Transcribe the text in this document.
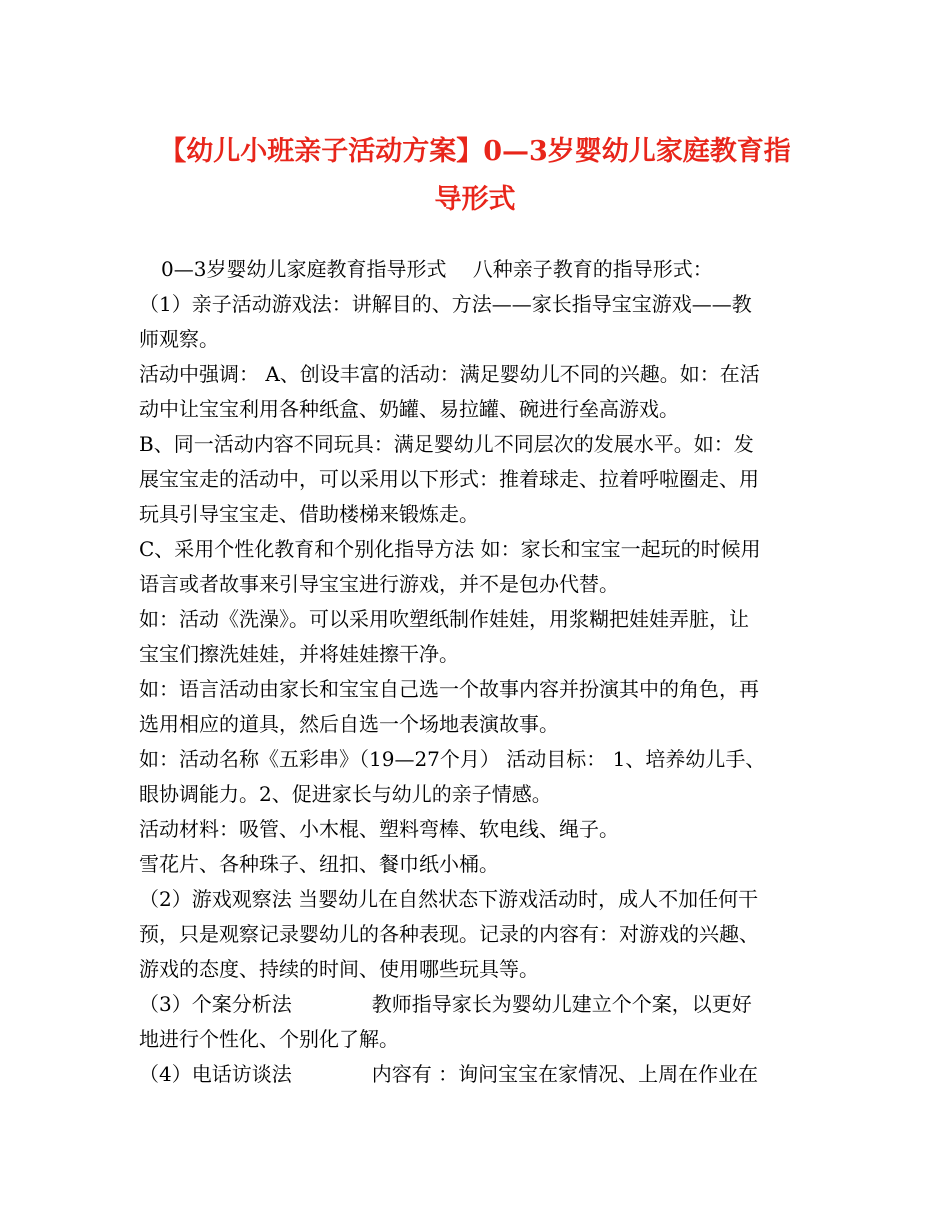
【幼儿小班亲子活动方案】0—3岁婴幼儿家庭教育指
导形式
0—3岁婴幼儿家庭教育指导形式　 八种亲子教育的指导形式：
（1）亲子活动游戏法：讲解目的、方法——家长指导宝宝游戏——教
师观察。
活动中强调： A、创设丰富的活动：满足婴幼儿不同的兴趣。如：在活
动中让宝宝利用各种纸盒、奶罐、易拉罐、碗进行垒高游戏。
B、同一活动内容不同玩具：满足婴幼儿不同层次的发展水平。如：发
展宝宝走的活动中，可以采用以下形式：推着球走、拉着呼啦圈走、用
玩具引导宝宝走、借助楼梯来锻炼走。
C、采用个性化教育和个别化指导方法 如：家长和宝宝一起玩的时候用
语言或者故事来引导宝宝进行游戏，并不是包办代替。
如：活动《洗澡》。可以采用吹塑纸制作娃娃，用浆糊把娃娃弄脏，让
宝宝们擦洗娃娃，并将娃娃擦干净。
如：语言活动由家长和宝宝自己选一个故事内容并扮演其中的角色，再
选用相应的道具，然后自选一个场地表演故事。
如：活动名称《五彩串》（19—27个月） 活动目标： 1、培养幼儿手、
眼协调能力。2、促进家长与幼儿的亲子情感。
活动材料：吸管、小木棍、塑料弯棒、软电线、绳子。
雪花片、各种珠子、纽扣、餐巾纸小桶。
（2）游戏观察法 当婴幼儿在自然状态下游戏活动时，成人不加任何干
预，只是观察记录婴幼儿的各种表现。记录的内容有：对游戏的兴趣、
游戏的态度、持续的时间、使用哪些玩具等。
（3）个案分析法　　　　教师指导家长为婴幼儿建立个个案，以更好
地进行个性化、个别化了解。
（4）电话访谈法　　　　内容有 ：询问宝宝在家情况、上周在作业在
